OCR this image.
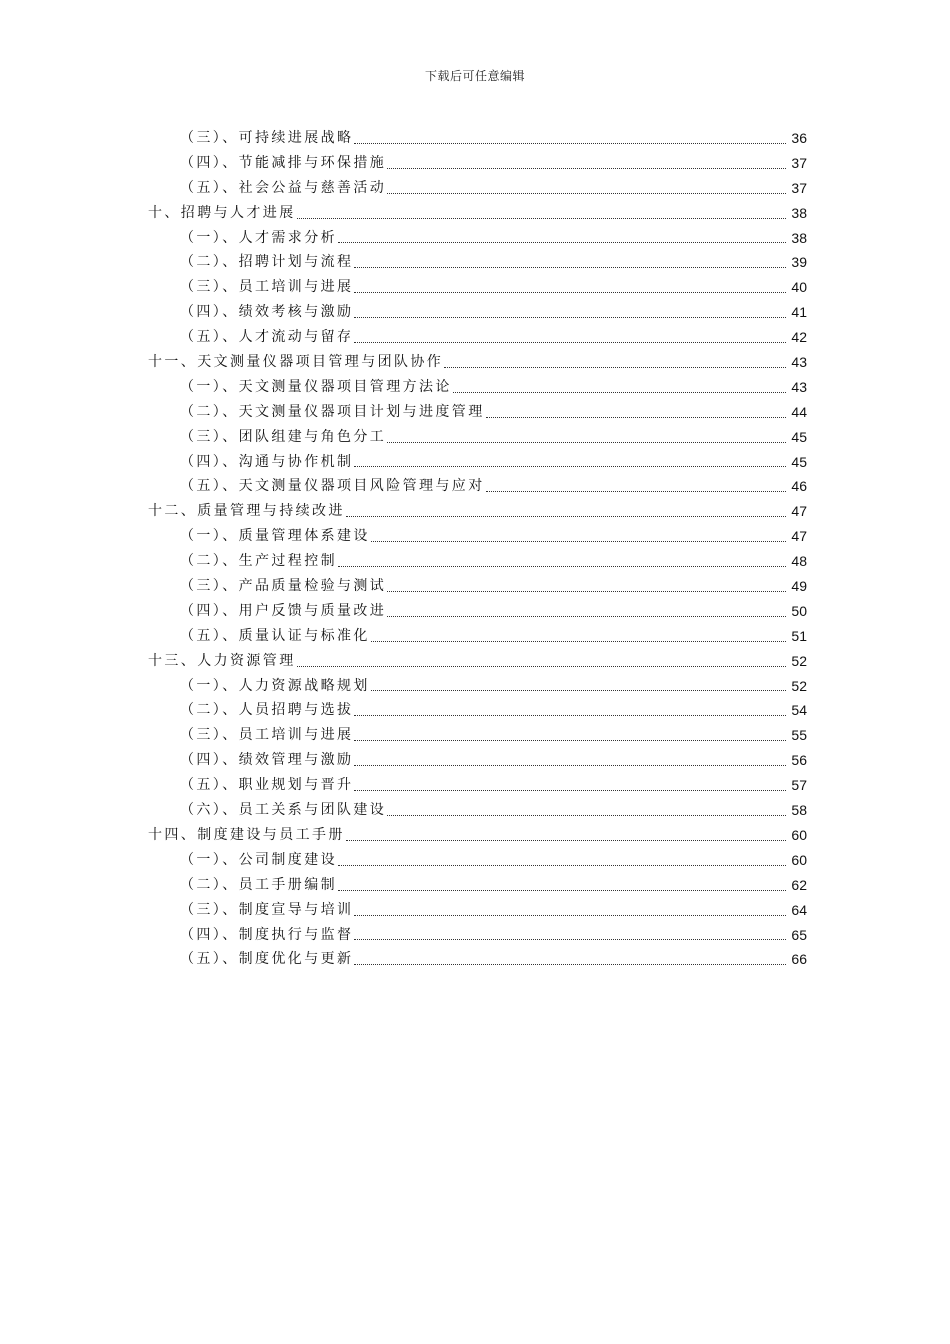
下载后可任意编辑
（三）、可持续进展战略	36
（四）、节能减排与环保措施	37
（五）、社会公益与慈善活动	37
十、招聘与人才进展	38
（一）、人才需求分析	38
（二）、招聘计划与流程	39
（三）、员工培训与进展	40
（四）、绩效考核与激励	41
（五）、人才流动与留存	42
十一、天文测量仪器项目管理与团队协作	43
（一）、天文测量仪器项目管理方法论	43
（二）、天文测量仪器项目计划与进度管理	44
（三）、团队组建与角色分工	45
（四）、沟通与协作机制	45
（五）、天文测量仪器项目风险管理与应对	46
十二、质量管理与持续改进	47
（一）、质量管理体系建设	47
（二）、生产过程控制	48
（三）、产品质量检验与测试	49
（四）、用户反馈与质量改进	50
（五）、质量认证与标准化	51
十三、人力资源管理	52
（一）、人力资源战略规划	52
（二）、人员招聘与选拔	54
（三）、员工培训与进展	55
（四）、绩效管理与激励	56
（五）、职业规划与晋升	57
（六）、员工关系与团队建设	58
十四、制度建设与员工手册	60
（一）、公司制度建设	60
（二）、员工手册编制	62
（三）、制度宣导与培训	64
（四）、制度执行与监督	65
（五）、制度优化与更新	66
